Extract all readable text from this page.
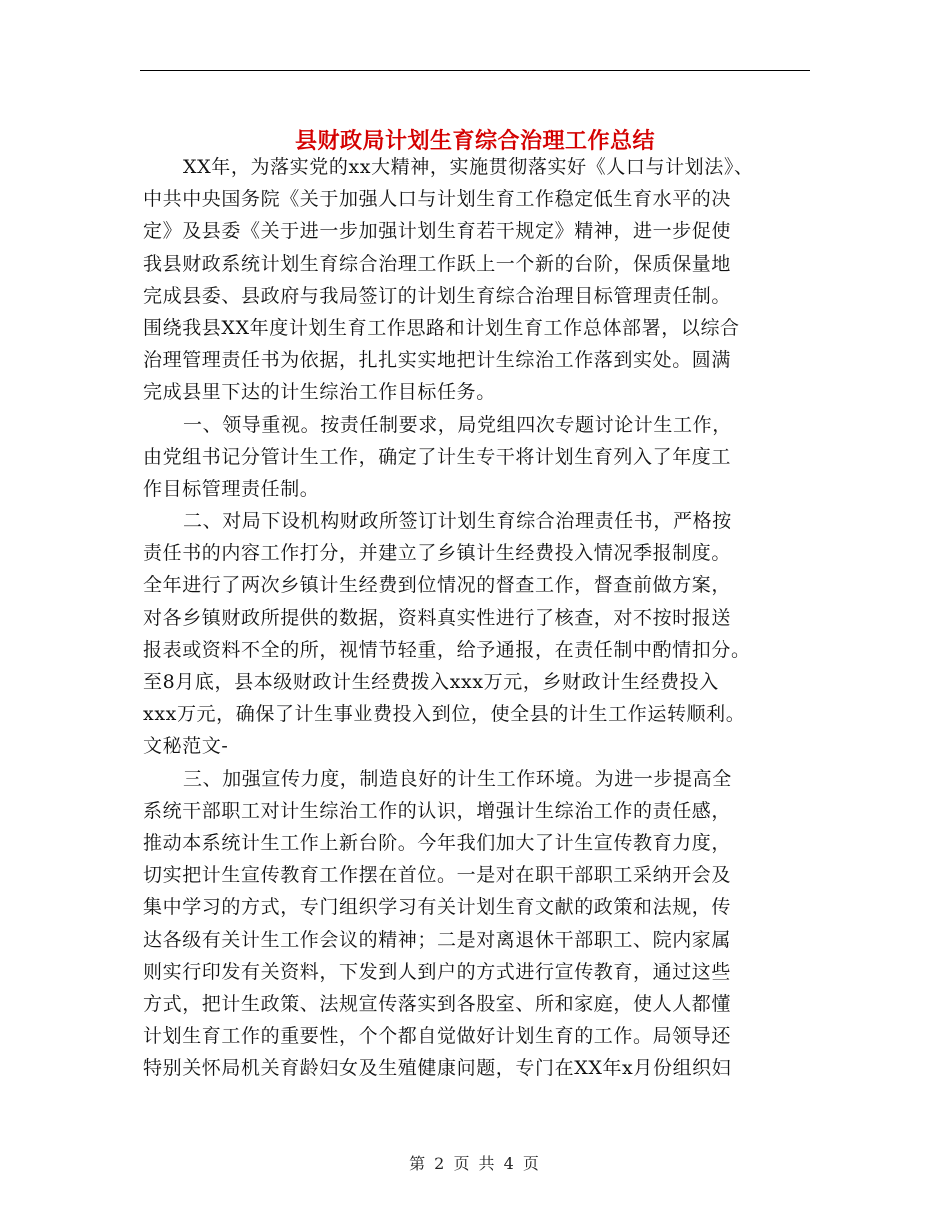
县财政局计划生育综合治理工作总结

XX年，为落实党的xx大精神，实施贯彻落实好《人口与计划法》、
中共中央国务院《关于加强人口与计划生育工作稳定低生育水平的决
定》及县委《关于进一步加强计划生育若干规定》精神，进一步促使
我县财政系统计划生育综合治理工作跃上一个新的台阶，保质保量地
完成县委、县政府与我局签订的计划生育综合治理目标管理责任制。
围绕我县XX年度计划生育工作思路和计划生育工作总体部署，以综合
治理管理责任书为依据，扎扎实实地把计生综治工作落到实处。圆满
完成县里下达的计生综治工作目标任务。

一、领导重视。按责任制要求，局党组四次专题讨论计生工作，
由党组书记分管计生工作，确定了计生专干将计划生育列入了年度工
作目标管理责任制。

二、对局下设机构财政所签订计划生育综合治理责任书，严格按
责任书的内容工作打分，并建立了乡镇计生经费投入情况季报制度。
全年进行了两次乡镇计生经费到位情况的督查工作，督查前做方案，
对各乡镇财政所提供的数据，资料真实性进行了核查，对不按时报送
报表或资料不全的所，视情节轻重，给予通报，在责任制中酌情扣分。
至8月底，县本级财政计生经费拨入xxx万元，乡财政计生经费投入
xxx万元，确保了计生事业费投入到位，使全县的计生工作运转顺利。
文秘范文-

三、加强宣传力度，制造良好的计生工作环境。为进一步提高全
系统干部职工对计生综治工作的认识，增强计生综治工作的责任感，
推动本系统计生工作上新台阶。今年我们加大了计生宣传教育力度，
切实把计生宣传教育工作摆在首位。一是对在职干部职工采纳开会及
集中学习的方式，专门组织学习有关计划生育文献的政策和法规，传
达各级有关计生工作会议的精神；二是对离退休干部职工、院内家属
则实行印发有关资料，下发到人到户的方式进行宣传教育，通过这些
方式，把计生政策、法规宣传落实到各股室、所和家庭，使人人都懂
计划生育工作的重要性，个个都自觉做好计划生育的工作。局领导还
特别关怀局机关育龄妇女及生殖健康问题，专门在XX年x月份组织妇

第 2 页 共 4 页
